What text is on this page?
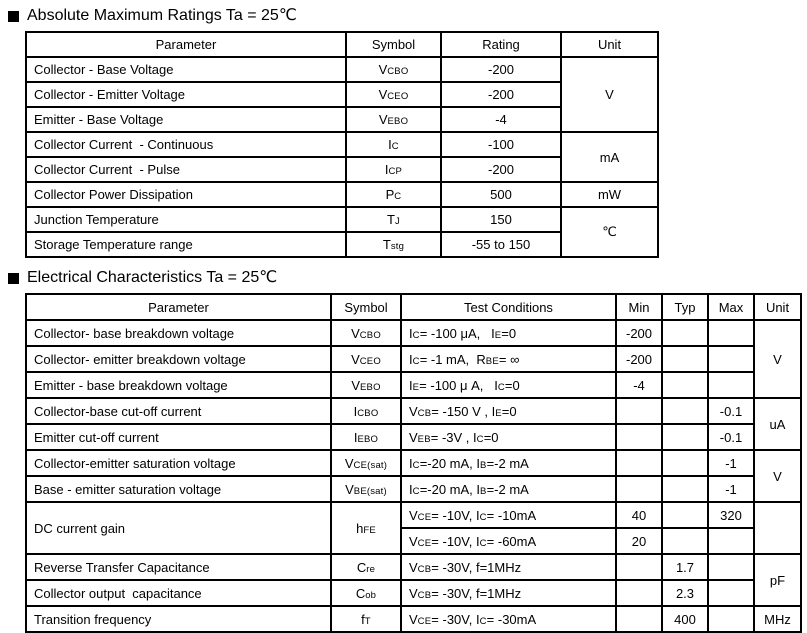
Absolute Maximum Ratings Ta = 25℃
Parameter	Symbol	Rating	Unit
Collector - Base Voltage	VCBO	-200	V
Collector - Emitter Voltage	VCEO	-200	
Emitter - Base Voltage	VEBO	-4	
Collector Current  - Continuous	IC	-100	mA
Collector Current  - Pulse	ICP	-200	
Collector Power Dissipation	PC	500	mW
Junction Temperature	TJ	150	℃
Storage Temperature range	Tstg	-55 to 150	
Electrical Characteristics Ta = 25℃
Parameter	Symbol	Test Conditions	Min	Typ	Max	Unit
Collector- base breakdown voltage	VCBO	IC= -100 μA,   IE=0	-200			V
Collector- emitter breakdown voltage	VCEO	IC= -1 mA,  RBE= ∞	-200			
Emitter - base breakdown voltage	VEBO	IE= -100 μ A,   IC=0	-4			
Collector-base cut-off current	ICBO	VCB= -150 V , IE=0			-0.1	uA
Emitter cut-off current	IEBO	VEB= -3V , IC=0			-0.1	
Collector-emitter saturation voltage	VCE(sat)	IC=-20 mA, IB=-2 mA			-1	V
Base - emitter saturation voltage	VBE(sat)	IC=-20 mA, IB=-2 mA			-1	
DC current gain	hFE	VCE= -10V, IC= -10mA	40		320	
		VCE= -10V, IC= -60mA	20			
Reverse Transfer Capacitance	Cre	VCB= -30V, f=1MHz		1.7		pF
Collector output  capacitance	Cob	VCB= -30V, f=1MHz		2.3		
Transition frequency	fT	VCE= -30V, IC= -30mA		400		MHz
